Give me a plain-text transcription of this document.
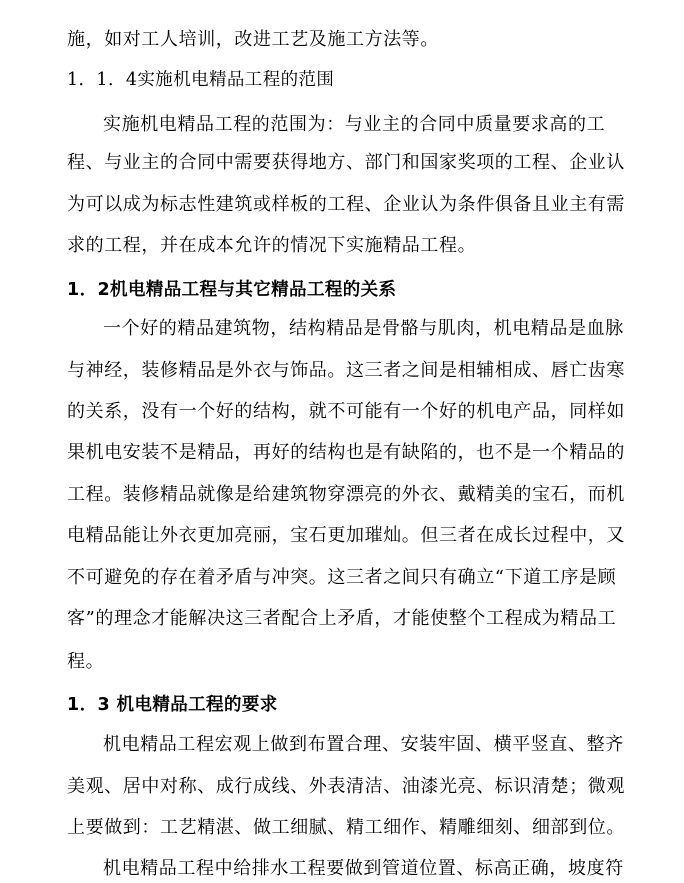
施，如对工人培训，改进工艺及施工方法等。
1．1．4实施机电精品工程的范围
实施机电精品工程的范围为：与业主的合同中质量要求高的工
程、与业主的合同中需要获得地方、部门和国家奖项的工程、企业认
为可以成为标志性建筑或样板的工程、企业认为条件俱备且业主有需
求的工程，并在成本允许的情况下实施精品工程。
1．2机电精品工程与其它精品工程的关系
一个好的精品建筑物，结构精品是骨骼与肌肉，机电精品是血脉
与神经，装修精品是外衣与饰品。这三者之间是相辅相成、唇亡齿寒
的关系，没有一个好的结构，就不可能有一个好的机电产品，同样如
果机电安装不是精品，再好的结构也是有缺陷的，也不是一个精品的
工程。装修精品就像是给建筑物穿漂亮的外衣、戴精美的宝石，而机
电精品能让外衣更加亮丽，宝石更加璀灿。但三者在成长过程中，又
不可避免的存在着矛盾与冲突。这三者之间只有确立“下道工序是顾
客”的理念才能解决这三者配合上矛盾，才能使整个工程成为精品工
程。
1．3 机电精品工程的要求
机电精品工程宏观上做到布置合理、安装牢固、横平竖直、整齐
美观、居中对称、成行成线、外表清洁、油漆光亮、标识清楚；微观
上要做到：工艺精湛、做工细腻、精工细作、精雕细刻、细部到位。
机电精品工程中给排水工程要做到管道位置、标高正确，坡度符
